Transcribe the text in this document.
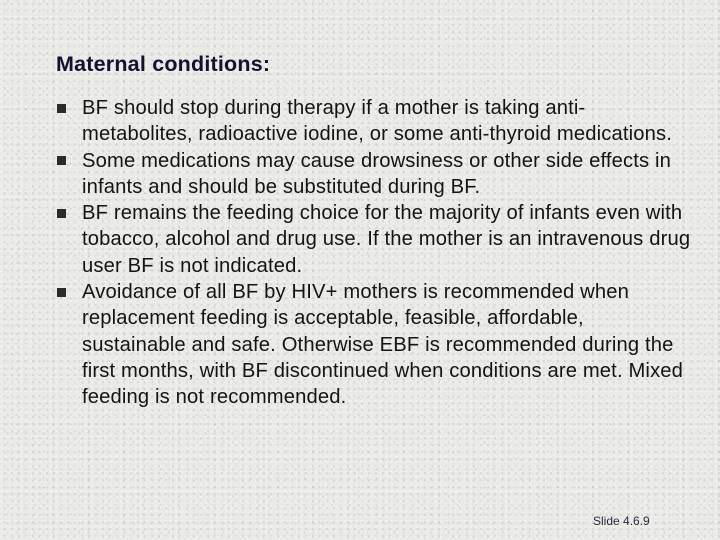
Maternal conditions:
BF should stop during therapy if a mother is taking anti-metabolites, radioactive iodine, or some anti-thyroid medications.
Some medications may cause drowsiness or other side effects in infants and should be substituted during BF.
BF remains the feeding choice for the majority of infants even with tobacco, alcohol and drug use. If the mother is an intravenous drug user BF is not indicated.
Avoidance of all BF by HIV+ mothers is recommended when replacement feeding is acceptable, feasible, affordable, sustainable and safe. Otherwise EBF is recommended during the first months, with BF discontinued when conditions are met. Mixed feeding is not recommended.
Slide 4.6.9
